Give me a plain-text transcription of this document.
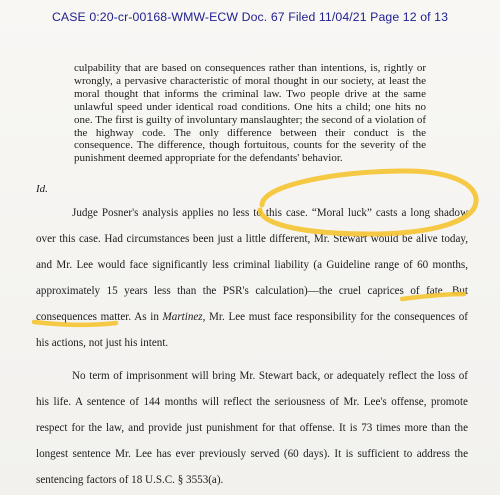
CASE 0:20-cr-00168-WMW-ECW Doc. 67 Filed 11/04/21 Page 12 of 13

culpability that are based on consequences rather than intentions, is, rightly or wrongly, a pervasive characteristic of moral thought in our society, at least the moral thought that informs the criminal law. Two people drive at the same unlawful speed under identical road conditions. One hits a child; one hits no one. The first is guilty of involuntary manslaughter; the second of a violation of the highway code. The only difference between their conduct is the consequence. The difference, though fortuitous, counts for the severity of the punishment deemed appropriate for the defendants' behavior.

Id.

Judge Posner's analysis applies no less to this case. “Moral luck” casts a long shadow over this case. Had circumstances been just a little different, Mr. Stewart would be alive today, and Mr. Lee would face significantly less criminal liability (a Guideline range of 60 months, approximately 15 years less than the PSR's calculation)—the cruel caprices of fate. But consequences matter. As in Martinez, Mr. Lee must face responsibility for the consequences of his actions, not just his intent.

No term of imprisonment will bring Mr. Stewart back, or adequately reflect the loss of his life. A sentence of 144 months will reflect the seriousness of Mr. Lee's offense, promote respect for the law, and provide just punishment for that offense. It is 73 times more than the longest sentence Mr. Lee has ever previously served (60 days). It is sufficient to address the sentencing factors of 18 U.S.C. § 3553(a).
